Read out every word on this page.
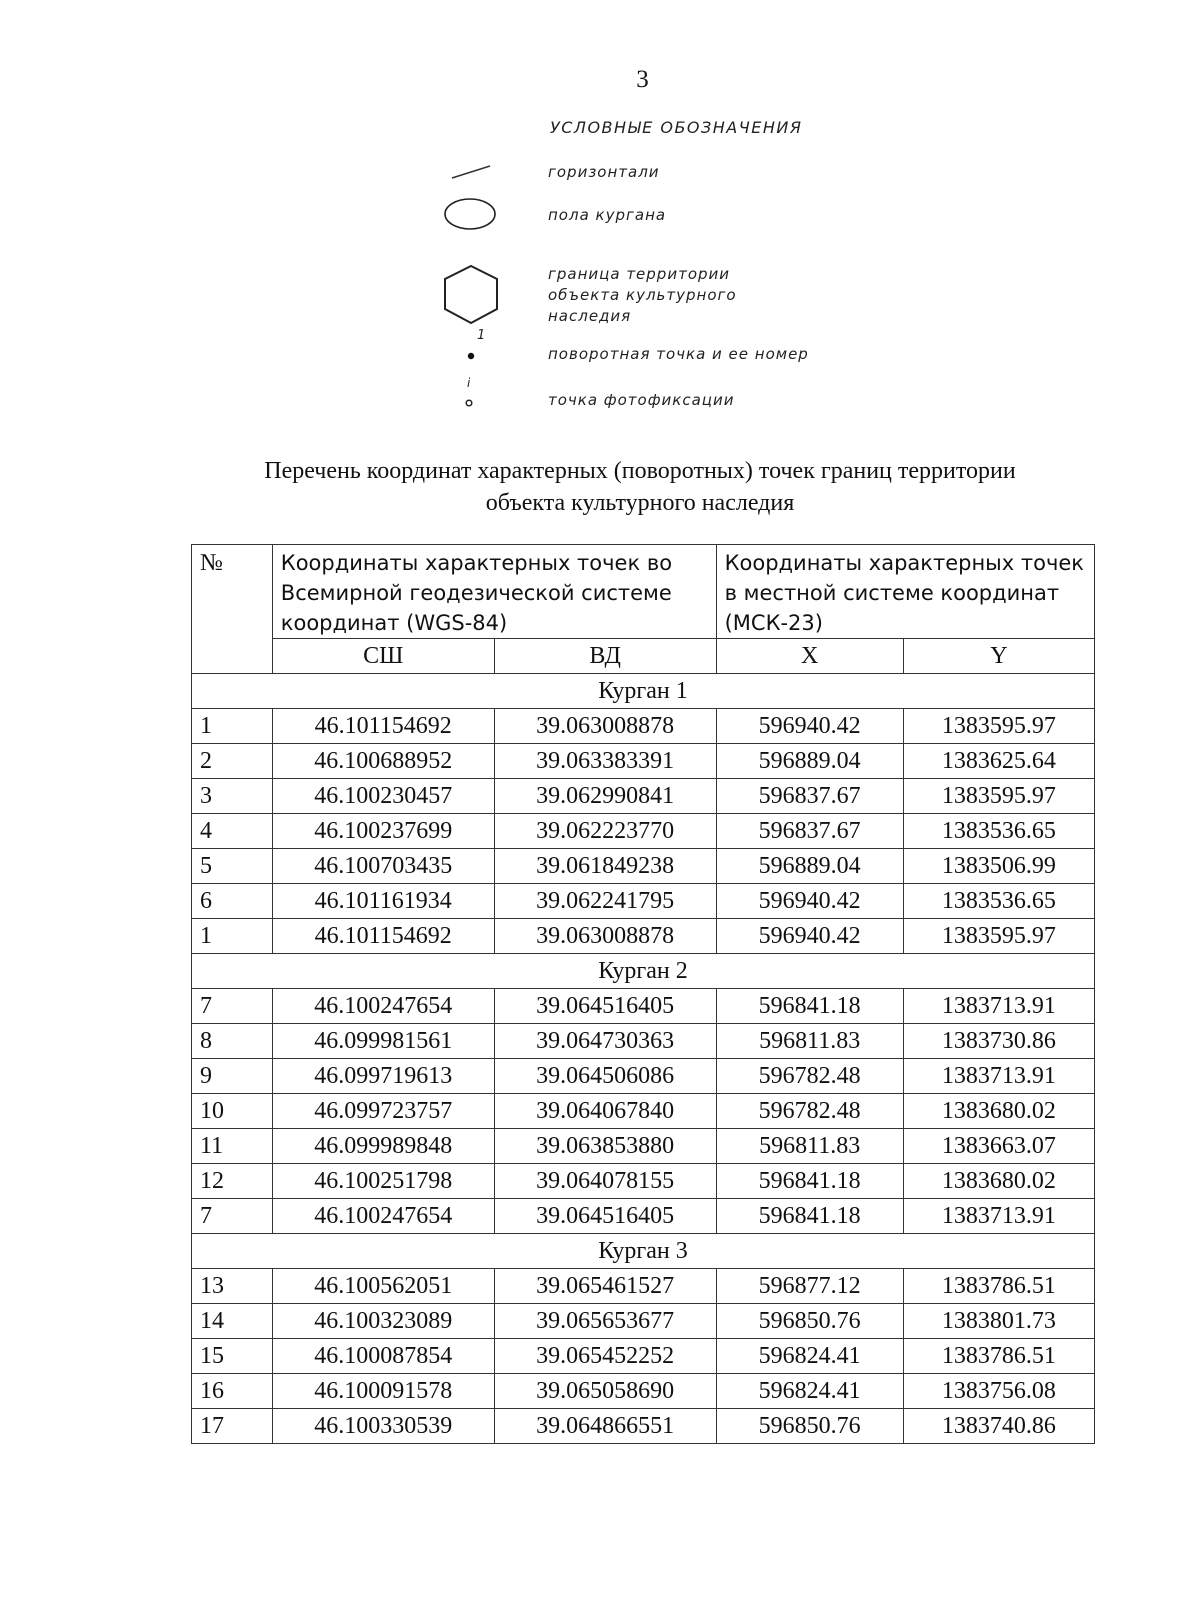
3
УСЛОВНЫЕ ОБОЗНАЧЕНИЯ
горизонтали
пола кургана
граница территории
объекта культурного
наследия
1
поворотная точка и ее номер
i
точка фотофиксации
Перечень координат характерных (поворотных) точек границ территории
объекта культурного наследия
№	Координаты характерных точек во Всемирной геодезической системе координат (WGS-84)		Координаты характерных точек в местной системе координат (МСК-23)	
	СШ	ВД	X	Y
Курган 1				
1	46.101154692	39.063008878	596940.42	1383595.97
2	46.100688952	39.063383391	596889.04	1383625.64
3	46.100230457	39.062990841	596837.67	1383595.97
4	46.100237699	39.062223770	596837.67	1383536.65
5	46.100703435	39.061849238	596889.04	1383506.99
6	46.101161934	39.062241795	596940.42	1383536.65
1	46.101154692	39.063008878	596940.42	1383595.97
Курган 2				
7	46.100247654	39.064516405	596841.18	1383713.91
8	46.099981561	39.064730363	596811.83	1383730.86
9	46.099719613	39.064506086	596782.48	1383713.91
10	46.099723757	39.064067840	596782.48	1383680.02
11	46.099989848	39.063853880	596811.83	1383663.07
12	46.100251798	39.064078155	596841.18	1383680.02
7	46.100247654	39.064516405	596841.18	1383713.91
Курган 3				
13	46.100562051	39.065461527	596877.12	1383786.51
14	46.100323089	39.065653677	596850.76	1383801.73
15	46.100087854	39.065452252	596824.41	1383786.51
16	46.100091578	39.065058690	596824.41	1383756.08
17	46.100330539	39.064866551	596850.76	1383740.86
